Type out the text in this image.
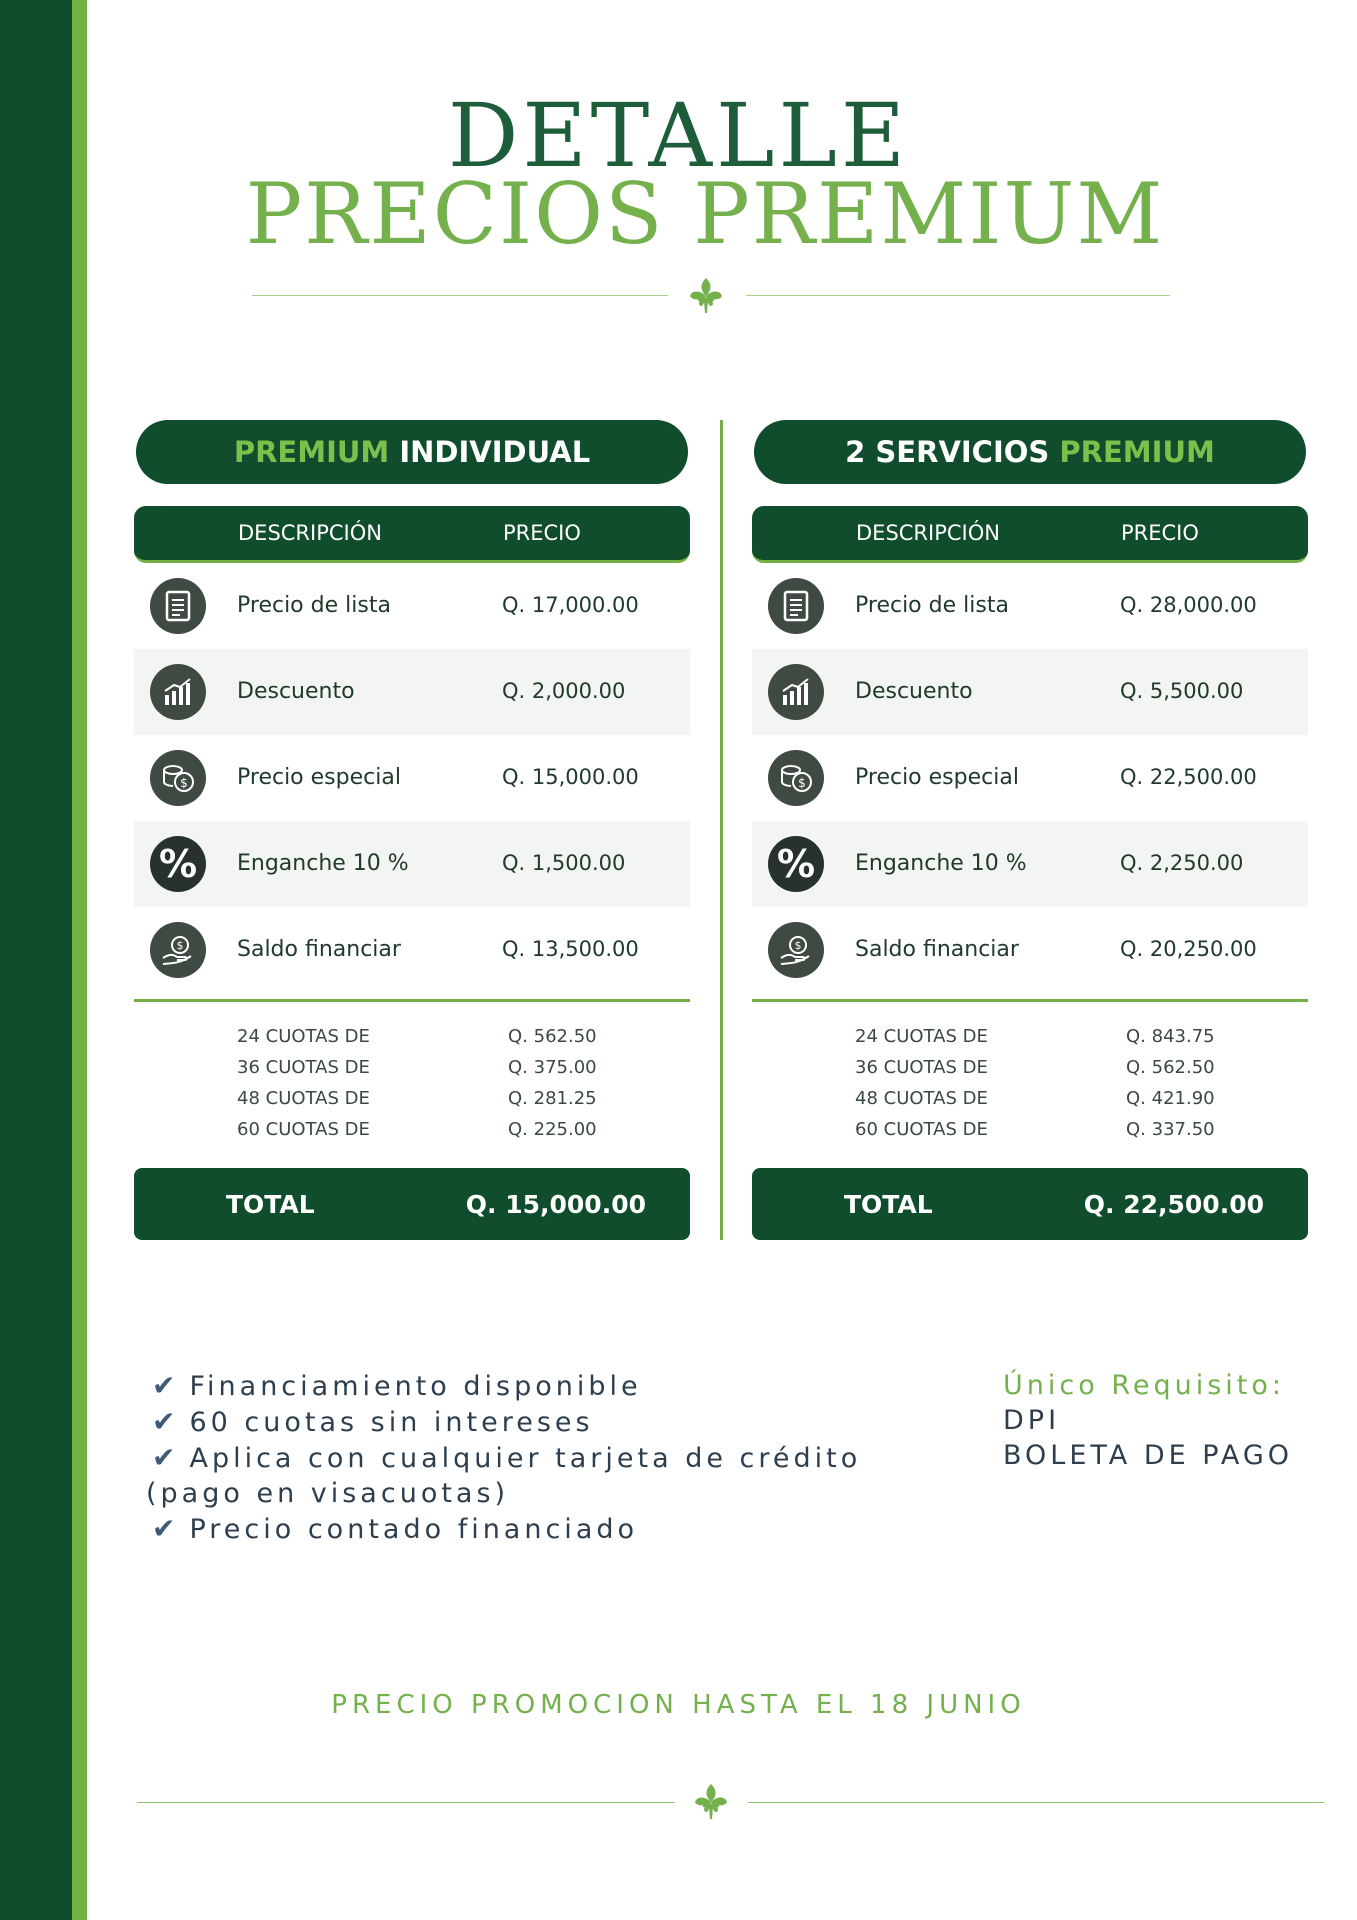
DETALLE
PRECIOS PREMIUM
PREMIUM INDIVIDUAL
DESCRIPCIÓN	PRECIO
Precio de lista	Q. 17,000.00
Descuento	Q. 2,000.00
$ Precio especial	Q. 15,000.00
% Enganche 10 %	Q. 1,500.00
$ Saldo financiar	Q. 13,500.00
24 CUOTAS DE	Q. 562.50
36 CUOTAS DE	Q. 375.00
48 CUOTAS DE	Q. 281.25
60 CUOTAS DE	Q. 225.00
TOTAL	Q. 15,000.00
2 SERVICIOS PREMIUM
DESCRIPCIÓN	PRECIO
Precio de lista	Q. 28,000.00
Descuento	Q. 5,500.00
$ Precio especial	Q. 22,500.00
% Enganche 10 %	Q. 2,250.00
$ Saldo financiar	Q. 20,250.00
24 CUOTAS DE	Q. 843.75
36 CUOTAS DE	Q. 562.50
48 CUOTAS DE	Q. 421.90
60 CUOTAS DE	Q. 337.50
TOTAL	Q. 22,500.00
✔ Financiamiento disponible
✔ 60 cuotas sin intereses
✔ Aplica con cualquier tarjeta de crédito
(pago en visacuotas)
✔ Precio contado financiado
Único Requisito:
DPI
BOLETA DE PAGO
PRECIO PROMOCION HASTA EL 18 JUNIO
